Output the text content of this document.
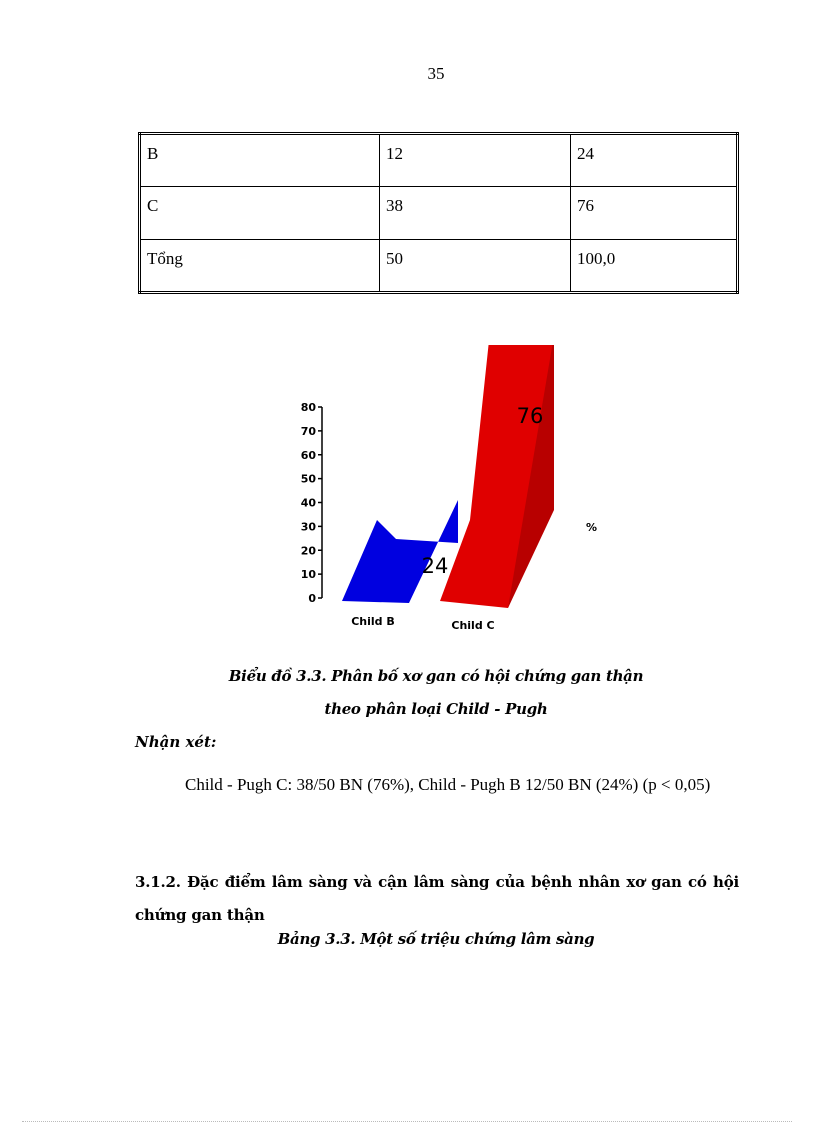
35
B	12	24
C	38	76
Tổng	50	100,0
0
10
20
30
40
50
60
70
80
24
Child B
76
Child C
%
Biểu đồ 3.3. Phân bố xơ gan có hội chứng gan thận
theo phân loại Child - Pugh
Nhận xét:
Child - Pugh C: 38/50 BN (76%), Child - Pugh B 12/50 BN (24%) (p < 0,05)
3.1.2. Đặc điểm lâm sàng và cận lâm sàng của bệnh nhân xơ gan có hội chứng gan thận
Bảng 3.3. Một số triệu chứng lâm sàng
